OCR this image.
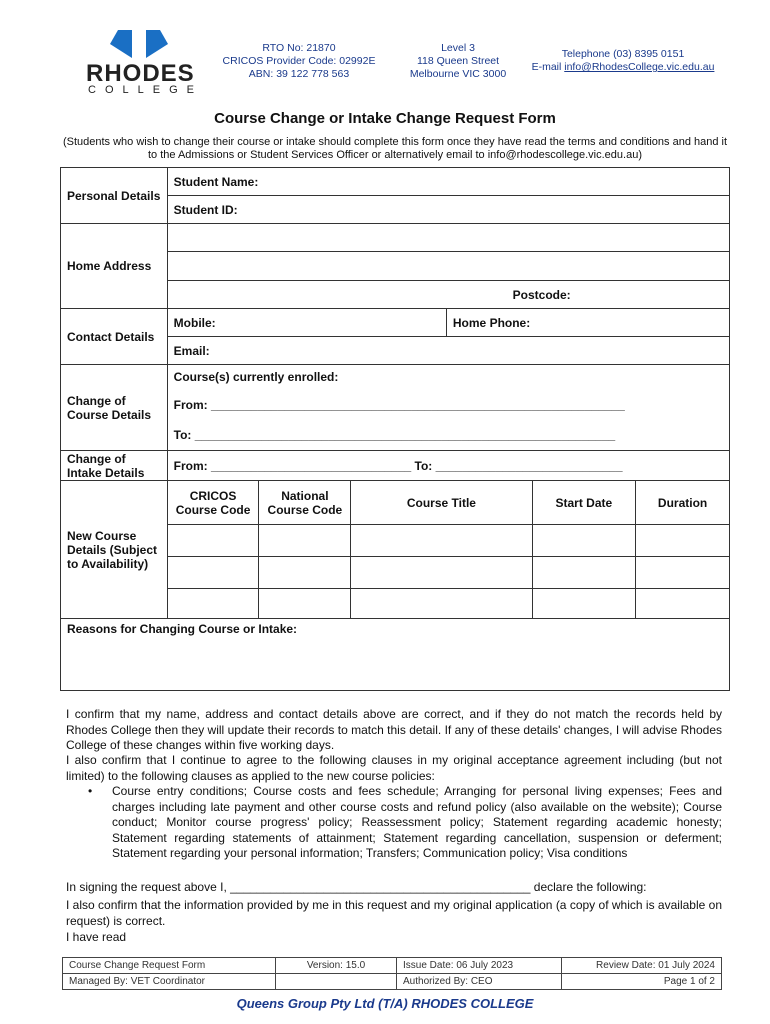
RHODES
COLLEGE
RTO No: 21870
CRICOS Provider Code: 02992E
ABN: 39 122 778 563
Level 3
118 Queen Street
Melbourne VIC 3000
Telephone (03) 8395 0151
E-mail info@RhodesCollege.vic.edu.au
Course Change or Intake Change Request Form
(Students who wish to change their course or intake should complete this form once they have read the terms and conditions and hand it to the Admissions or Student Services Officer or alternatively email to info@rhodescollege.vic.edu.au)
Personal Details	Student Name:					
	Student ID:					
Home Address						

	Postcode:					
Contact Details	Mobile:			Home Phone:		
	Email:					
Change of Course Details	Course(s) currently enrolled:					
	From: ______________________________________________________________					
	To: _______________________________________________________________					
Change of Intake Details	From: ______________________________ To: ____________________________					
New Course Details (Subject to Availability)	CRICOS Course Code	National Course Code	Course Title		Start Date	Duration

Reasons for Changing Course or Intake:						
I confirm that my name, address and contact details above are correct, and if they do not match the records held by Rhodes College then they will update their records to match this detail. If any of these details' changes, I will advise Rhodes College of these changes within five working days.
I also confirm that I continue to agree to the following clauses in my original acceptance agreement including (but not limited) to the following clauses as applied to the new course policies:
• Course entry conditions; Course costs and fees schedule; Arranging for personal living expenses; Fees and charges including late payment and other course costs and refund policy (also available on the website); Course conduct; Monitor course progress' policy; Reassessment policy; Statement regarding academic honesty; Statement regarding statements of attainment; Statement regarding cancellation, suspension or deferment; Statement regarding your personal information; Transfers; Communication policy; Visa conditions
In signing the request above I, _____________________________________________ declare the following:
I also confirm that the information provided by me in this request and my original application (a copy of which is available on request) is correct.
I have read
Course Change Request Form	Version: 15.0	Issue Date: 06 July 2023	Review Date: 01 July 2024
Managed By: VET Coordinator		Authorized By: CEO	Page 1 of 2
Queens Group Pty Ltd (T/A) RHODES COLLEGE
